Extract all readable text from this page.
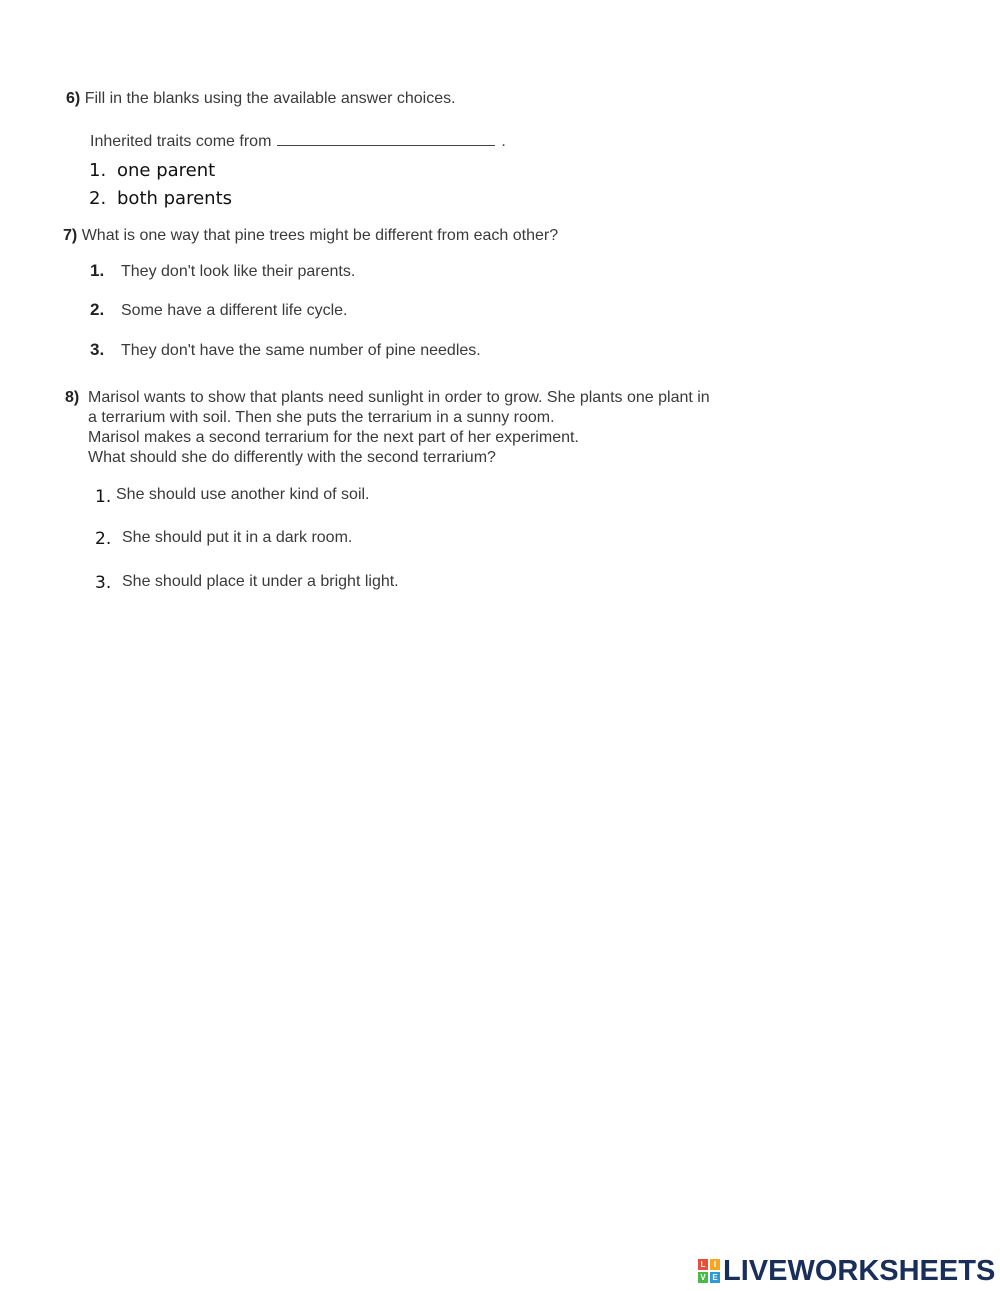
6) Fill in the blanks using the available answer choices.
Inherited traits come from	.
1. one parent
2. both parents
7) What is one way that pine trees might be different from each other?
1. They don't look like their parents.
2. Some have a different life cycle.
3. They don't have the same number of pine needles.
8) Marisol wants to show that plants need sunlight in order to grow. She plants one plant in
a terrarium with soil. Then she puts the terrarium in a sunny room.
Marisol makes a second terrarium for the next part of her experiment.
What should she do differently with the second terrarium?
1. She should use another kind of soil.
2. She should put it in a dark room.
3. She should place it under a bright light.
L	I
V E LIVEWORKSHEETS
